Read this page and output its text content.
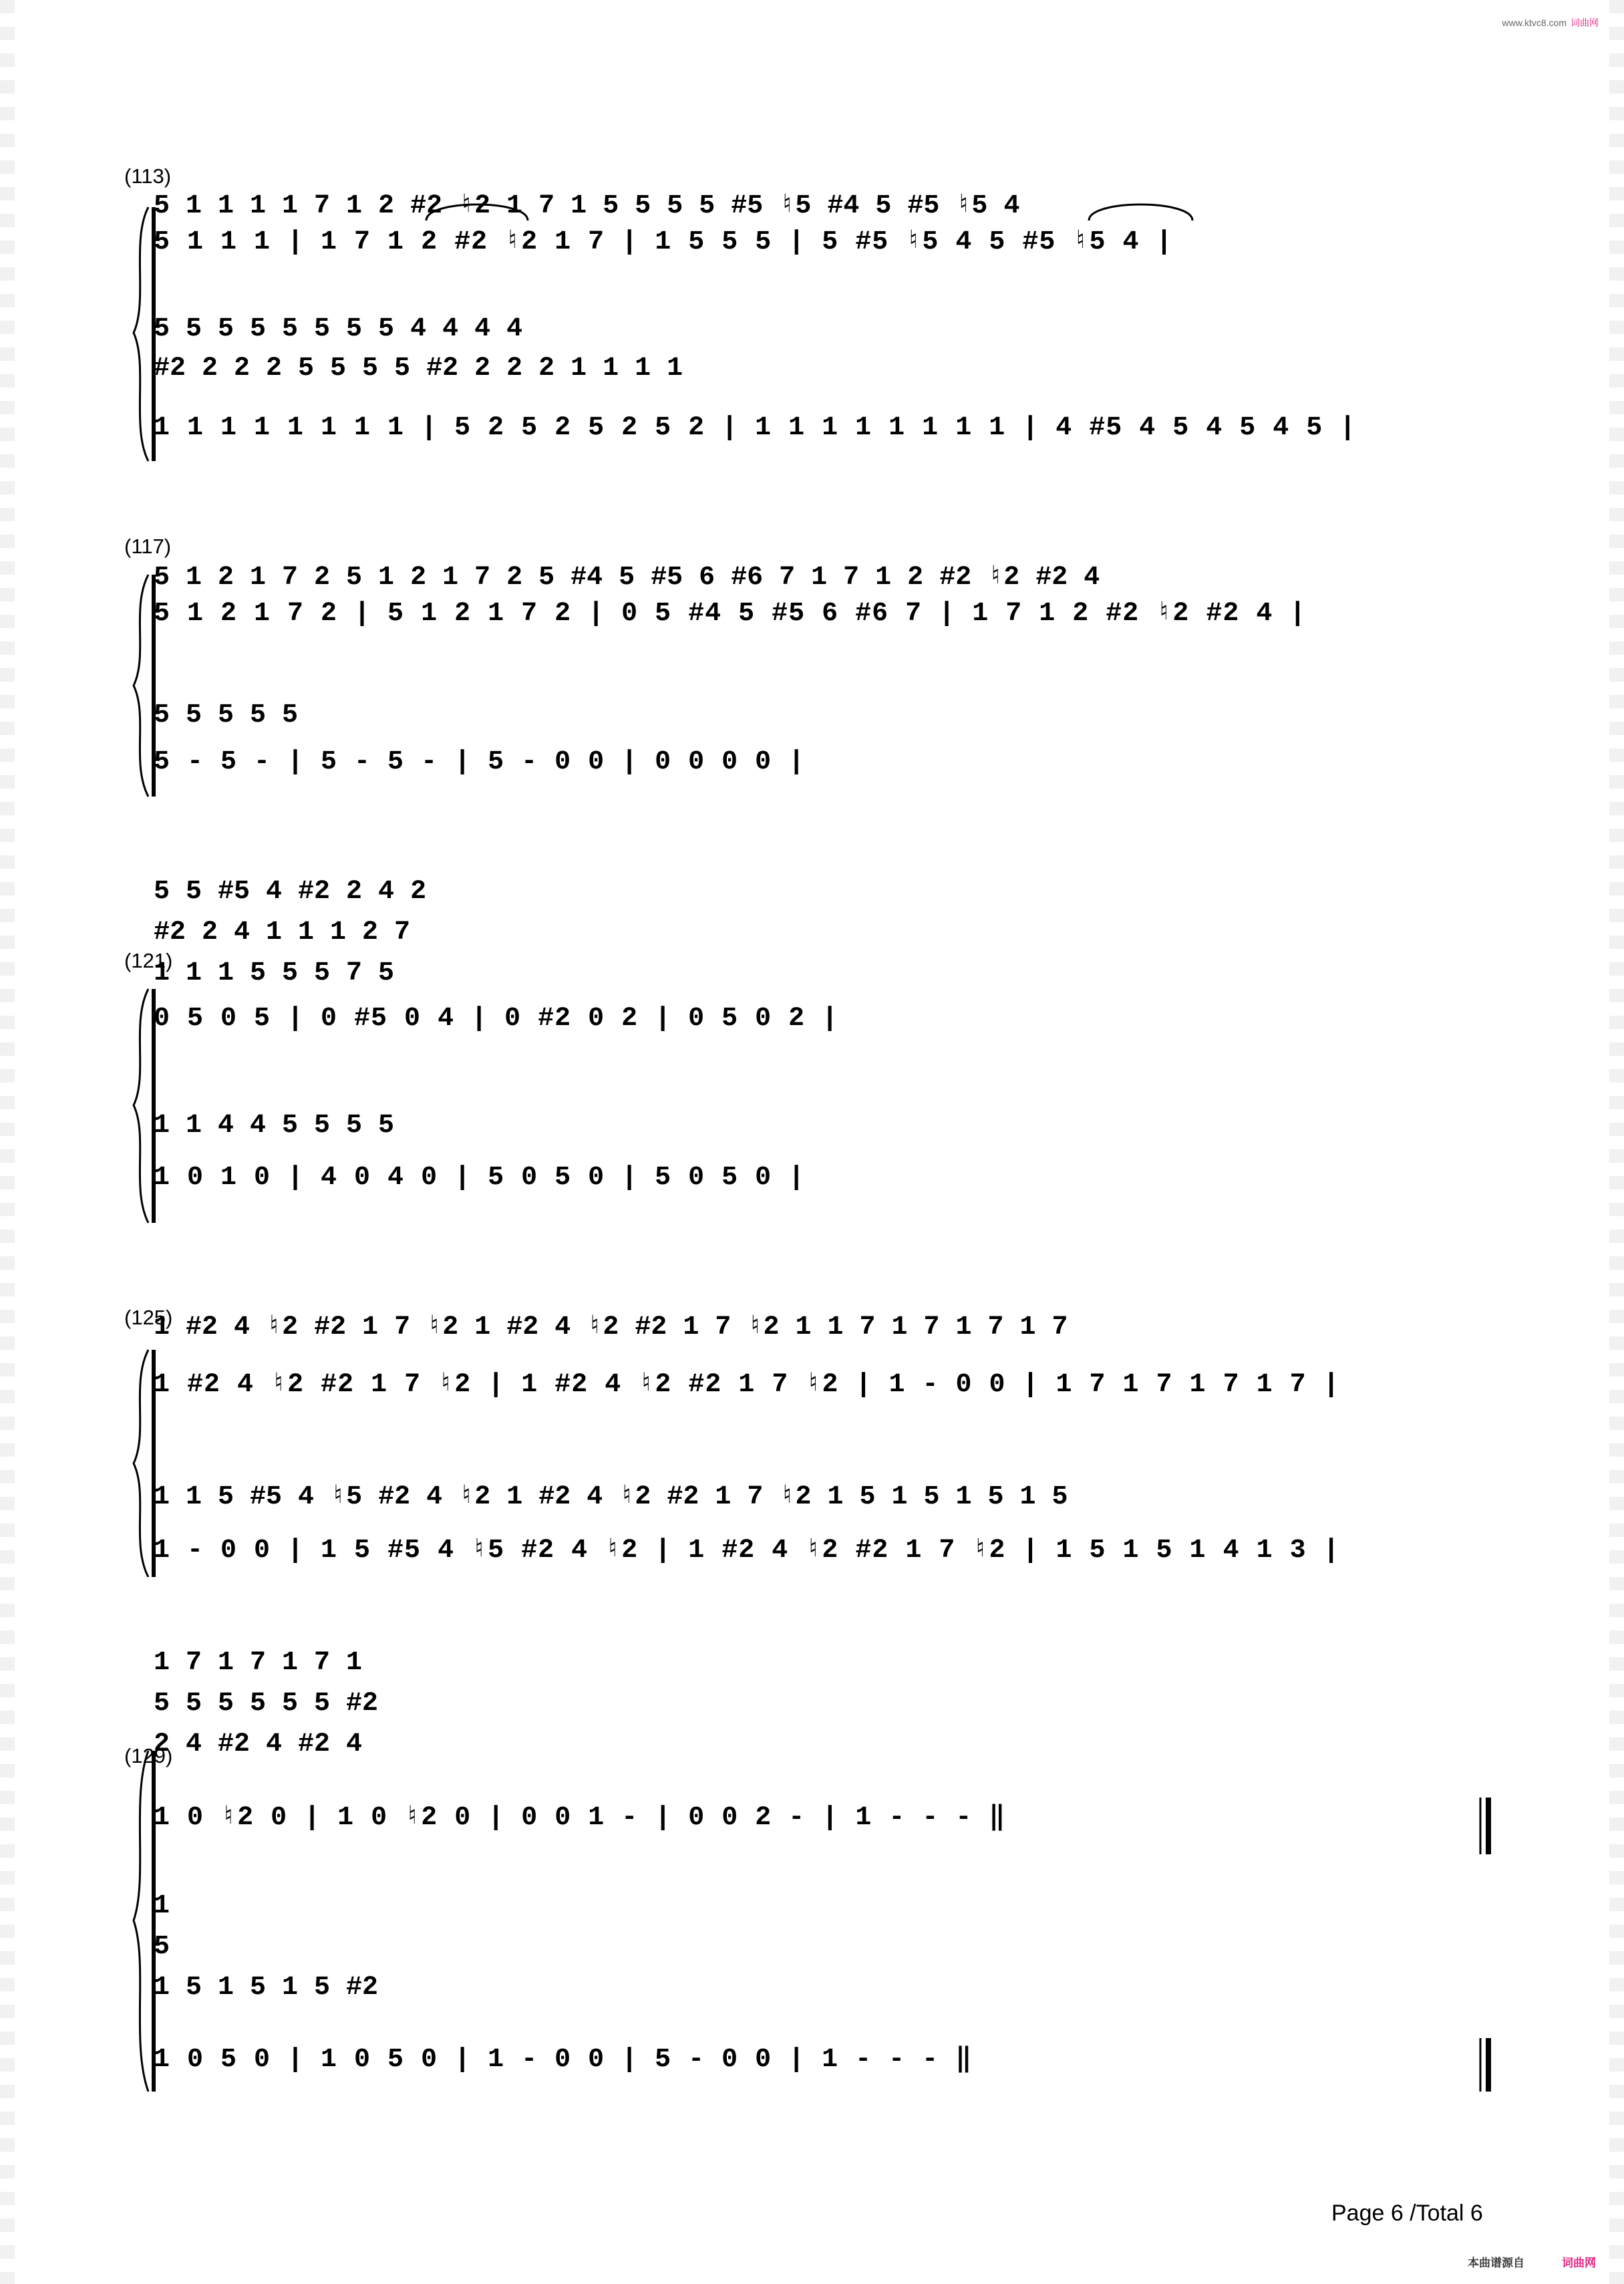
www.ktvc8.com 词曲网
(113)
5 1 1 1 1 7 1 2 #2 ♮2 1 7 1 5 5 5 5 #5 ♮5 #4 5 #5 ♮5 4
5 1 1 1 | 1 7 1 2 #2 ♮2 1 7 | 1 5 5 5 | 5 #5 ♮5 4 5 #5 ♮5 4 |
5 5 5 5 5 5 5 5 4 4 4 4
#2 2 2 2 5 5 5 5 #2 2 2 2 1 1 1 1
1 1 1 1 1 1 1 1 | 5 2 5 2 5 2 5 2 | 1 1 1 1 1 1 1 1 | 4 #5 4 5 4 5 4 5 |
(117)
5 1 2 1 7 2 5 1 2 1 7 2 5 #4 5 #5 6 #6 7 1 7 1 2 #2 ♮2 #2 4
5 1 2 1 7 2 | 5 1 2 1 7 2 | 0 5 #4 5 #5 6 #6 7 | 1 7 1 2 #2 ♮2 #2 4 |
5 5 5 5 5
5 - 5 - | 5 - 5 - | 5 - 0 0 | 0 0 0 0 |
(121)
5 5 #5 4 #2 2 4 2
#2 2 4 1 1 1 2 7
1 1 1 5 5 5 7 5
0 5 0 5 | 0 #5 0 4 | 0 #2 0 2 | 0 5 0 2 |
1 1 4 4 5 5 5 5
1 0 1 0 | 4 0 4 0 | 5 0 5 0 | 5 0 5 0 |
(125)
1 #2 4 ♮2 #2 1 7 ♮2 1 #2 4 ♮2 #2 1 7 ♮2 1 1 7 1 7 1 7 1 7
1 #2 4 ♮2 #2 1 7 ♮2 | 1 #2 4 ♮2 #2 1 7 ♮2 | 1 - 0 0 | 1 7 1 7 1 7 1 7 |
1 1 5 #5 4 ♮5 #2 4 ♮2 1 #2 4 ♮2 #2 1 7 ♮2 1 5 1 5 1 5 1 5
1 - 0 0 | 1 5 #5 4 ♮5 #2 4 ♮2 | 1 #2 4 ♮2 #2 1 7 ♮2 | 1 5 1 5 1 4 1 3 |
(129)
1 7 1 7 1 7 1
5 5 5 5 5 5 #2
2 4 #2 4 #2 4
1 0 ♮2 0 | 1 0 ♮2 0 | 0 0 1 - | 0 0 2 - | 1 - - - ‖
1
5
1 5 1 5 1 5 #2
1 0 5 0 | 1 0 5 0 | 1 - 0 0 | 5 - 0 0 | 1 - - - ‖
Page 6 /Total 6
本曲谱源自	词曲网
